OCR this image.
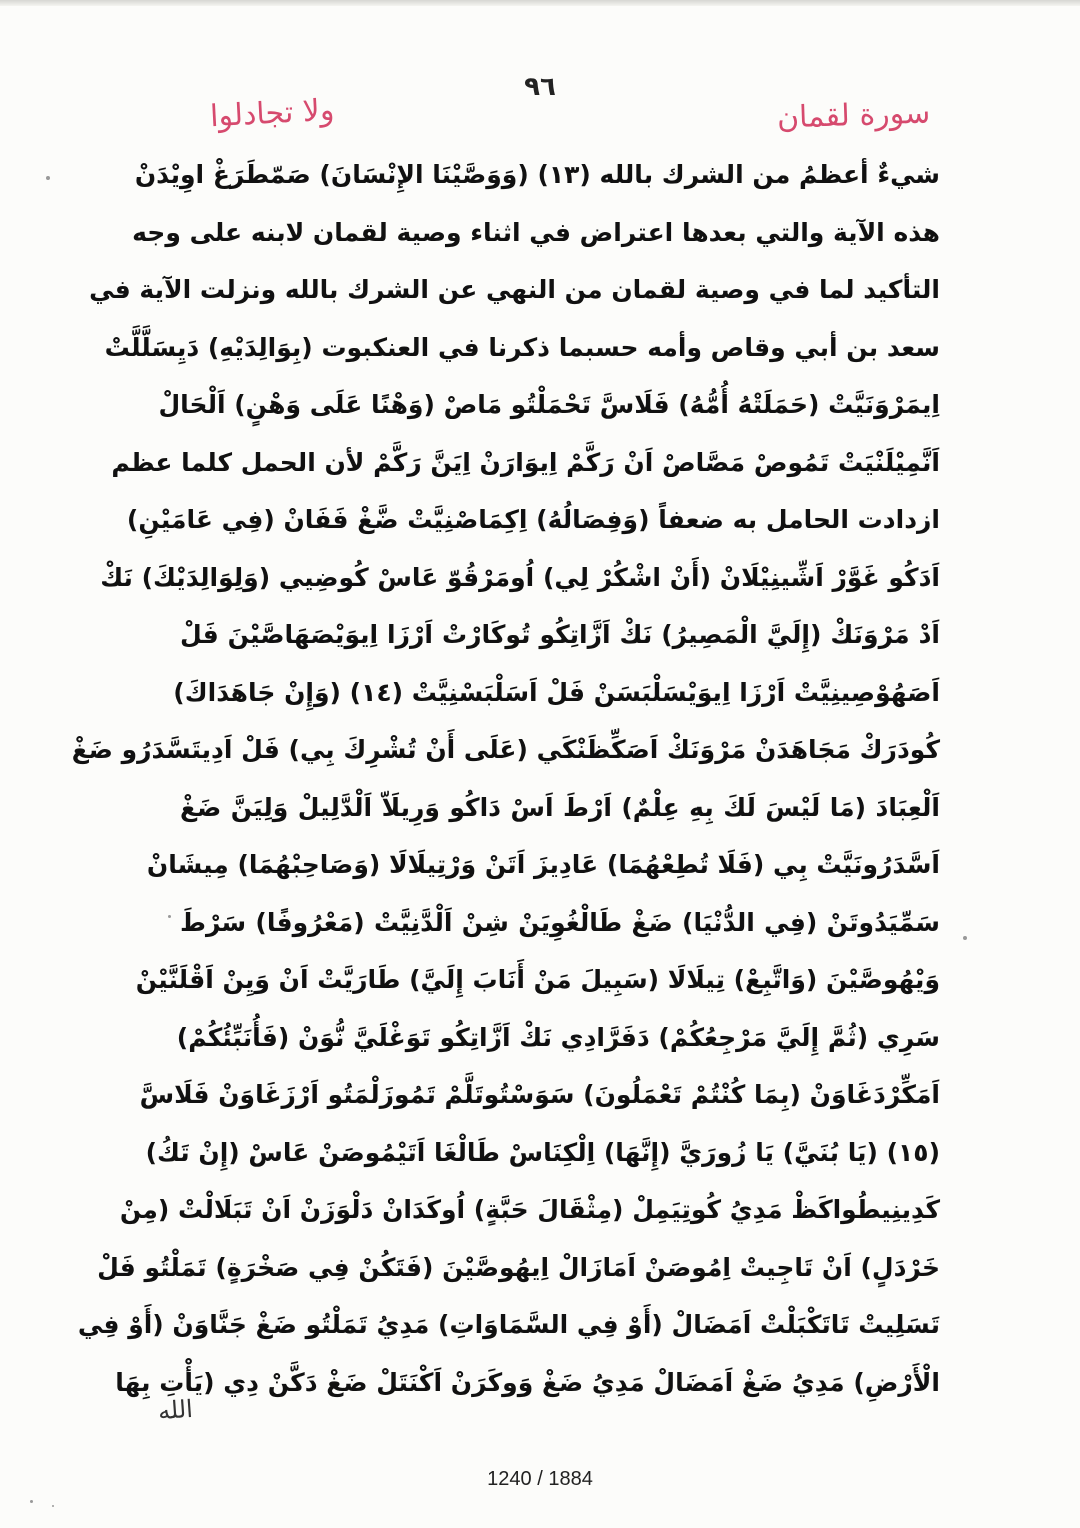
٩٦
سورة لقمان
ولا تجادلوا
شيءٌ أعظمُ من الشرك بالله (١٣) (وَوَصَّيْنَا الإِنْسَانَ) صَمّطَرَغْ اوِيْدَنْ
هذه الآية والتي بعدها اعتراض في اثناء وصية لقمان لابنه على وجه
التأكيد لما في وصية لقمان من النهي عن الشرك بالله ونزلت الآية في
سعد بن أبي وقاص وأمه حسبما ذكرنا في العنكبوت (بِوَالِدَيْهِ) دَيِسَلَّلَّتْ
اِيمَرْوَنَيَّتْ (حَمَلَتْهُ أُمُّهُ) فَلَاسَّ تَحْمَلْتُو مَاصْ (وَهْنًا عَلَى وَهْنٍ) اَلْحَالْ
اَنَّمِيْلَنْيَتْ تَمُوصْ مَصَّاصْ اَنْ رَكَّمْ اِيوَارَنْ اِيَنَّ رَكَّمْ لأن الحمل كلما عظم
ازدادت الحامل به ضعفاً (وَفِصَالُهُ) اِكِمَاصْنِيَّتْ ضَّغْ فَفَانْ (فِي عَامَيْنِ)
اَدَكُو غَوَّرْ اَشِّينِيْلَانْ (أَنْ اشْكُرْ لِي) اُومَرْقُوّ عَاسْ كُوضِيي (وَلِوَالِدَيْكَ) نَكْ
اَدْ مَرْوَنَكْ (إِلَيَّ الْمَصِيرُ) نَكْ اَزَّاتِكُو تُوكَارْتْ اَرْزَا اِيوَيْصَهَاصَّيْنَ فَلْ
اَصَهُوْصِينِيَّتْ اَرْزَا اِيوَيْسَلْبَسَنْ فَلْ اَسَلْبَسْنِيَّتْ (١٤) (وَإِنْ جَاهَدَاكَ)
كُودَرَكْ مَجَاهَدَنْ مَرْوَنَكْ اَصَكِّظَنْكَي (عَلَى أَنْ تُشْرِكَ بِي) فَلْ اَدِيتَسَّدَرُو ضَغْ
اَلْعِبَادَ (مَا لَيْسَ لَكَ بِهِ عِلْمٌ) اَرْطَ اَسْ دَاكُو وَرِيلَاّ اَلْدَّلِيلْ وَلِيَنَّ ضَغْ
اَسَّدَرُونَيَّتْ بِي (فَلَا تُطِعْهُمَا) عَادِيزَ اَتَنْ وَرْتِيلَالَا (وَصَاحِبْهُمَا) مِيشَانْ
سَمِّيَدُوتَنْ (فِي الدُّنْيَا) ضَغْ طَالْغُوِيَنْ شِنْ اَلْدَّنِيَّتْ (مَعْرُوفًا) سَرْطَ
وَيْهُوصَّيْنَ (وَاتَّبِعْ) تِيلَالَا (سَبِيلَ مَنْ أَنَابَ إِلَيَّ) طَارَيَّتْ اَنْ وَيِنْ اَقْلَنَّيْنْ
سَرِي (ثُمَّ إِلَيَّ مَرْجِعُكُمْ) دَفَرَّادِي نَكْ اَزَّاتِكُو تَوَغْلَيَّ نُّوَنْ (فَأُنَبِّئُكُمْ)
اَمَكِّرْدَغَاوَنْ (بِمَا كُنْتُمْ تَعْمَلُونَ) سَوَسْتُوتَلَّمْ تَمُوزَلْمَتُو اَرْزَغَاوَنْ فَلَاسَّ
(١٥) (يَا بُنَيَّ) يَا زُورَيَّ (إِنَّهَا) اِلْكِنَاسْ طَالْغَا اَتَيْمُوصَنْ عَاسْ (إِنْ تَكُ)
كَدِينِيطُواكَظْ مَدِيُ كُوتِيَمِلْ (مِثْقَالَ حَبَّةٍ) اُوكَدَانْ دَلْوَزَنْ اَنْ تَبَلَالْتْ (مِنْ
خَرْدَلٍ) اَنْ تَاجِيتْ اِمُوصَنْ اَمَازَالْ اِيهُوصَّيْنَ (فَتَكُنْ فِي صَخْرَةٍ) تَمَلْتُو فَلْ
تَسَلِيتْ تَاتَكْبَلْتْ اَمَضَالْ (أَوْ فِي السَّمَاوَاتِ) مَدِيُ تَمَلْتُو ضَغْ جَنَّاوَنْ (أَوْ فِي
الْأَرْضِ) مَدِيُ ضَغْ اَمَضَالْ مَدِيُ ضَغْ وَوكَرَنْ اَكْنَتَلْ ضَغْ دَكَّنْ دِي (يَأْتِ بِهَا
الله
1240 / 1884
